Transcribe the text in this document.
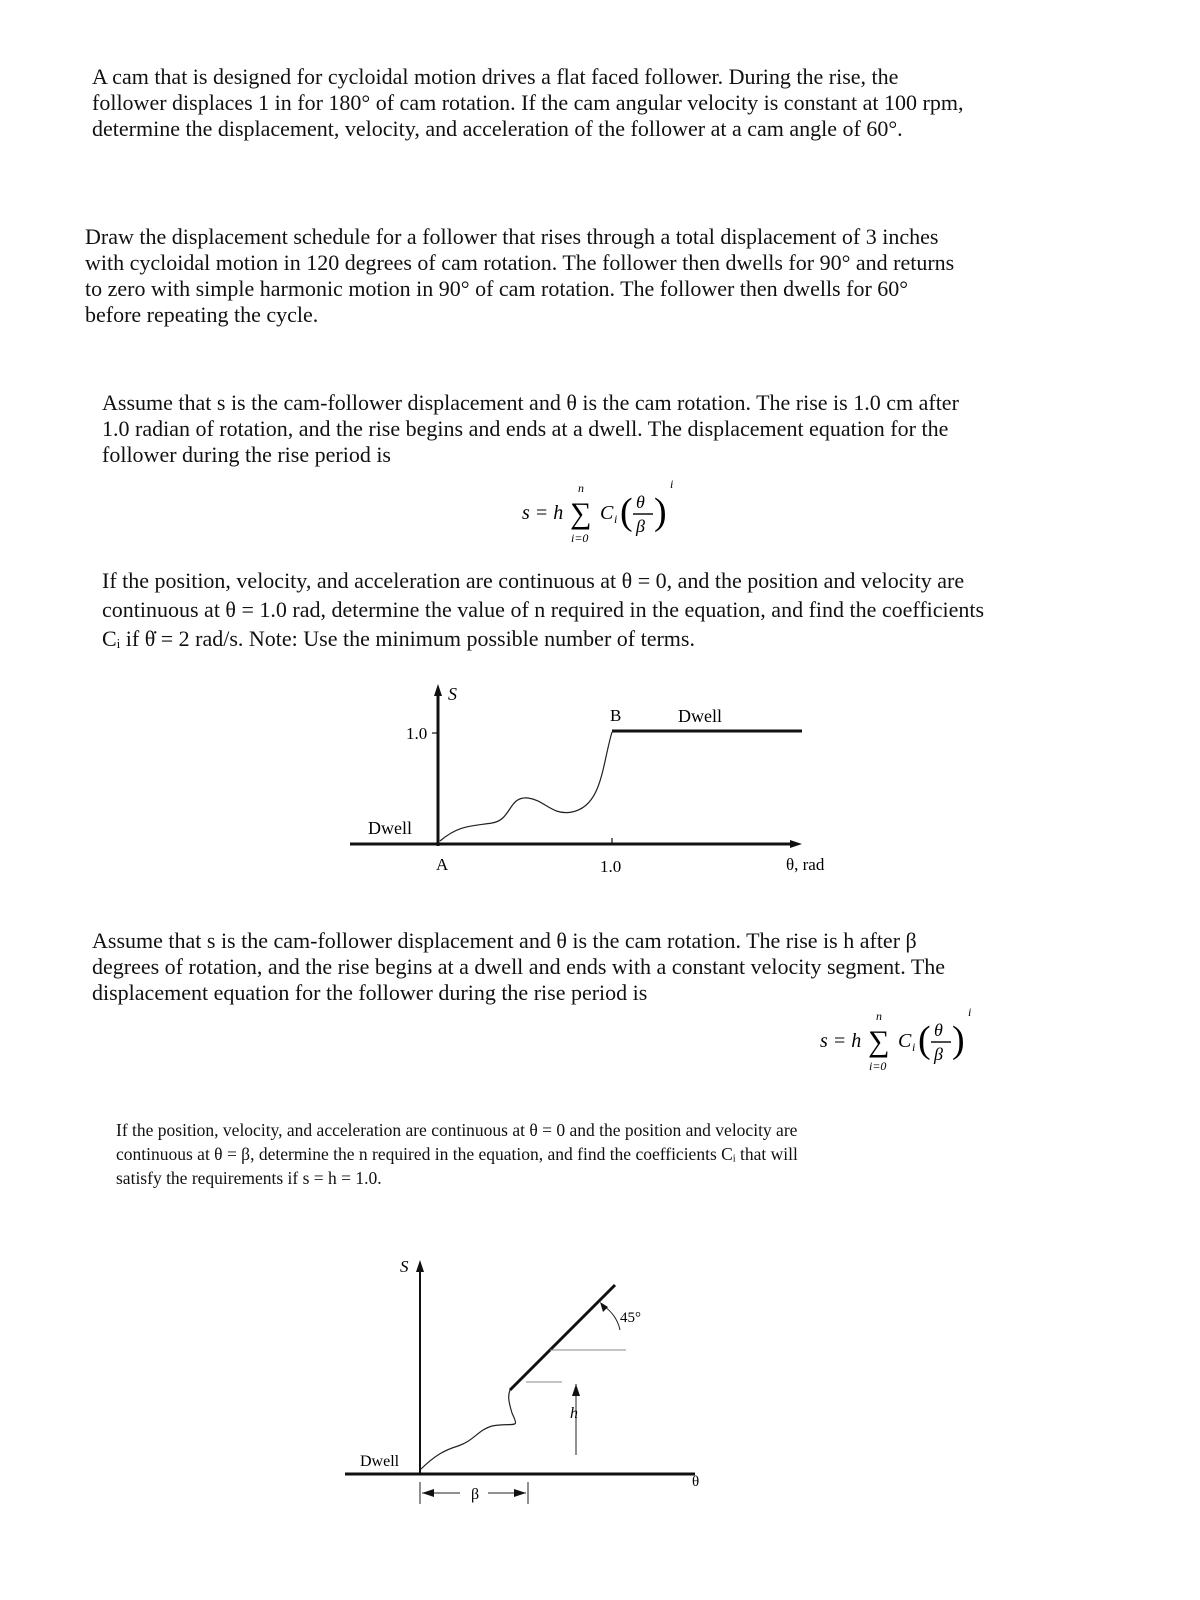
A cam that is designed for cycloidal motion drives a flat faced follower. During the rise, the
follower displaces 1 in for 180° of cam rotation. If the cam angular velocity is constant at 100 rpm,
determine the displacement, velocity, and acceleration of the follower at a cam angle of 60°.
Draw the displacement schedule for a follower that rises through a total displacement of 3 inches
with cycloidal motion in 120 degrees of cam rotation. The follower then dwells for 90° and returns
to zero with simple harmonic motion in 90° of cam rotation. The follower then dwells for 60°
before repeating the cycle.
Assume that s is the cam-follower displacement and θ is the cam rotation. The rise is 1.0 cm after
1.0 radian of rotation, and the rise begins and ends at a dwell. The displacement equation for the
follower during the rise period is
s = h
n
∑
i=0
C i ( θ
β )
i
If the position, velocity, and acceleration are continuous at θ = 0, and the position and velocity are
continuous at θ = 1.0 rad, determine the value of n required in the equation, and find the coefficients
Cᵢ if θ̇ = 2 rad/s. Note: Use the minimum possible number of terms.
S
1.0
1.0
B	Dwell
Dwell
A	θ, rad
Assume that s is the cam-follower displacement and θ is the cam rotation. The rise is h after β
degrees of rotation, and the rise begins at a dwell and ends with a constant velocity segment. The
displacement equation for the follower during the rise period is
s = h
n
∑
i=0
C i ( θ
β )
i
If the position, velocity, and acceleration are continuous at θ = 0 and the position and velocity are
continuous at θ = β, determine the n required in the equation, and find the coefficients Cᵢ that will
satisfy the requirements if s = h = 1.0.
S
45°
h
Dwell
β
θ
